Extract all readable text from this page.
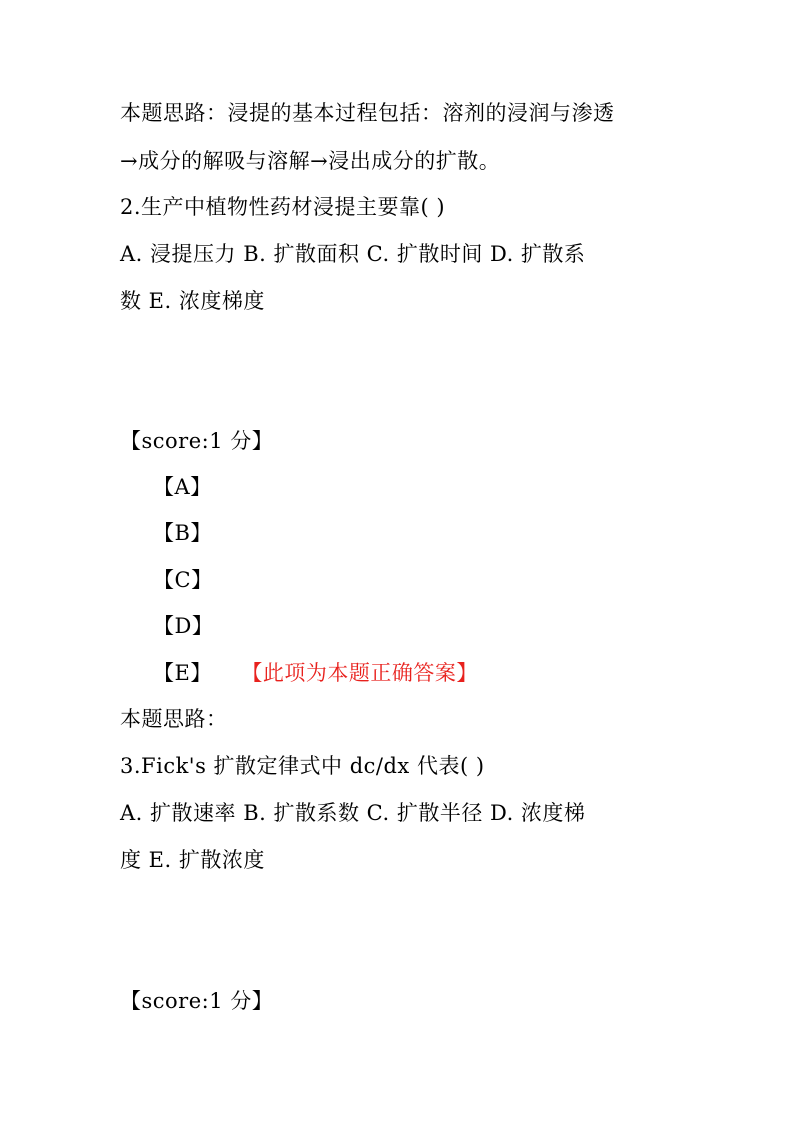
本题思路：浸提的基本过程包括：溶剂的浸润与渗透
→成分的解吸与溶解→浸出成分的扩散。
2.生产中植物性药材浸提主要靠( )
A. 浸提压力 B. 扩散面积 C. 扩散时间 D. 扩散系
数 E. 浓度梯度
【score:1 分】
【A】
【B】
【C】
【D】
【E】 【此项为本题正确答案】
本题思路：
3.Fick's 扩散定律式中 dc/dx 代表( )
A. 扩散速率 B. 扩散系数 C. 扩散半径 D. 浓度梯
度 E. 扩散浓度
【score:1 分】
